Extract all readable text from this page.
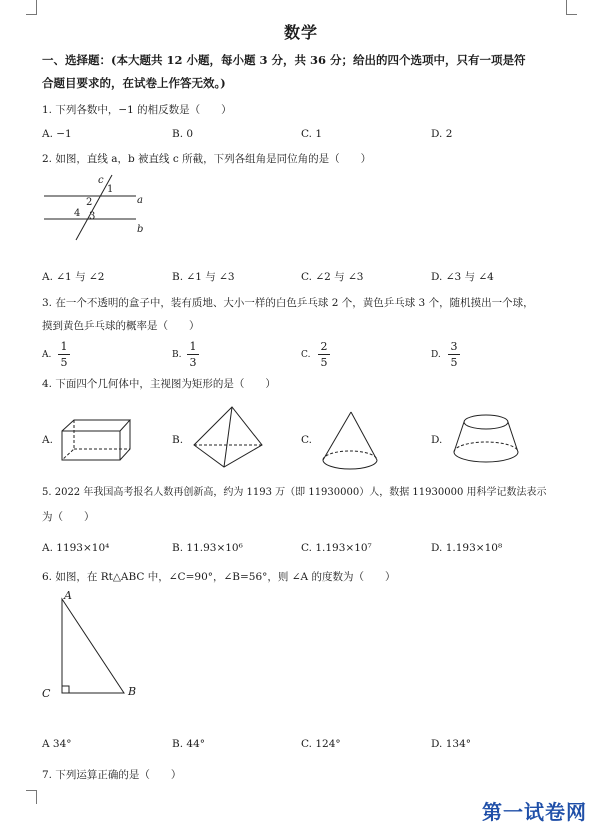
数学
一、选择题：(本大题共 12 小题，每小题 3 分，共 36 分；给出的四个选项中，只有一项是符
合题目要求的，在试卷上作答无效。)
1. 下列各数中，−1 的相反数是（　　）
A. −1	B. 0	C. 1	D. 2
2. 如图，直线 a，b 被直线 c 所截，下列各组角是同位角的是（　　）
c
1
2
4 3
a
b
A. ∠1 与 ∠2	B. ∠1 与 ∠3	C. ∠2 与 ∠3	D. ∠3 与 ∠4
3. 在一个不透明的盒子中，装有质地、大小一样的白色乒乓球 2 个，黄色乒乓球 3 个，随机摸出一个球，
摸到黄色乒乓球的概率是（　　）
A.
1
5
B.
1
3
C.
2
5
D.
3
5
4. 下面四个几何体中，主视图为矩形的是（　　）
A.	B.	C.	D.
5. 2022 年我国高考报名人数再创新高，约为 1193 万（即 11930000）人，数据 11930000 用科学记数法表示
为（　　）
A. 1193×10⁴	B. 11.93×10⁶	C. 1.193×10⁷	D. 1.193×10⁸
6. 如图，在 Rt△ABC 中，∠C=90°，∠B=56°，则 ∠A 的度数为（　　）
A
C	B
A 34°	B. 44°	C. 124°	D. 134°
7. 下列运算正确的是（　　）
第一试卷网
